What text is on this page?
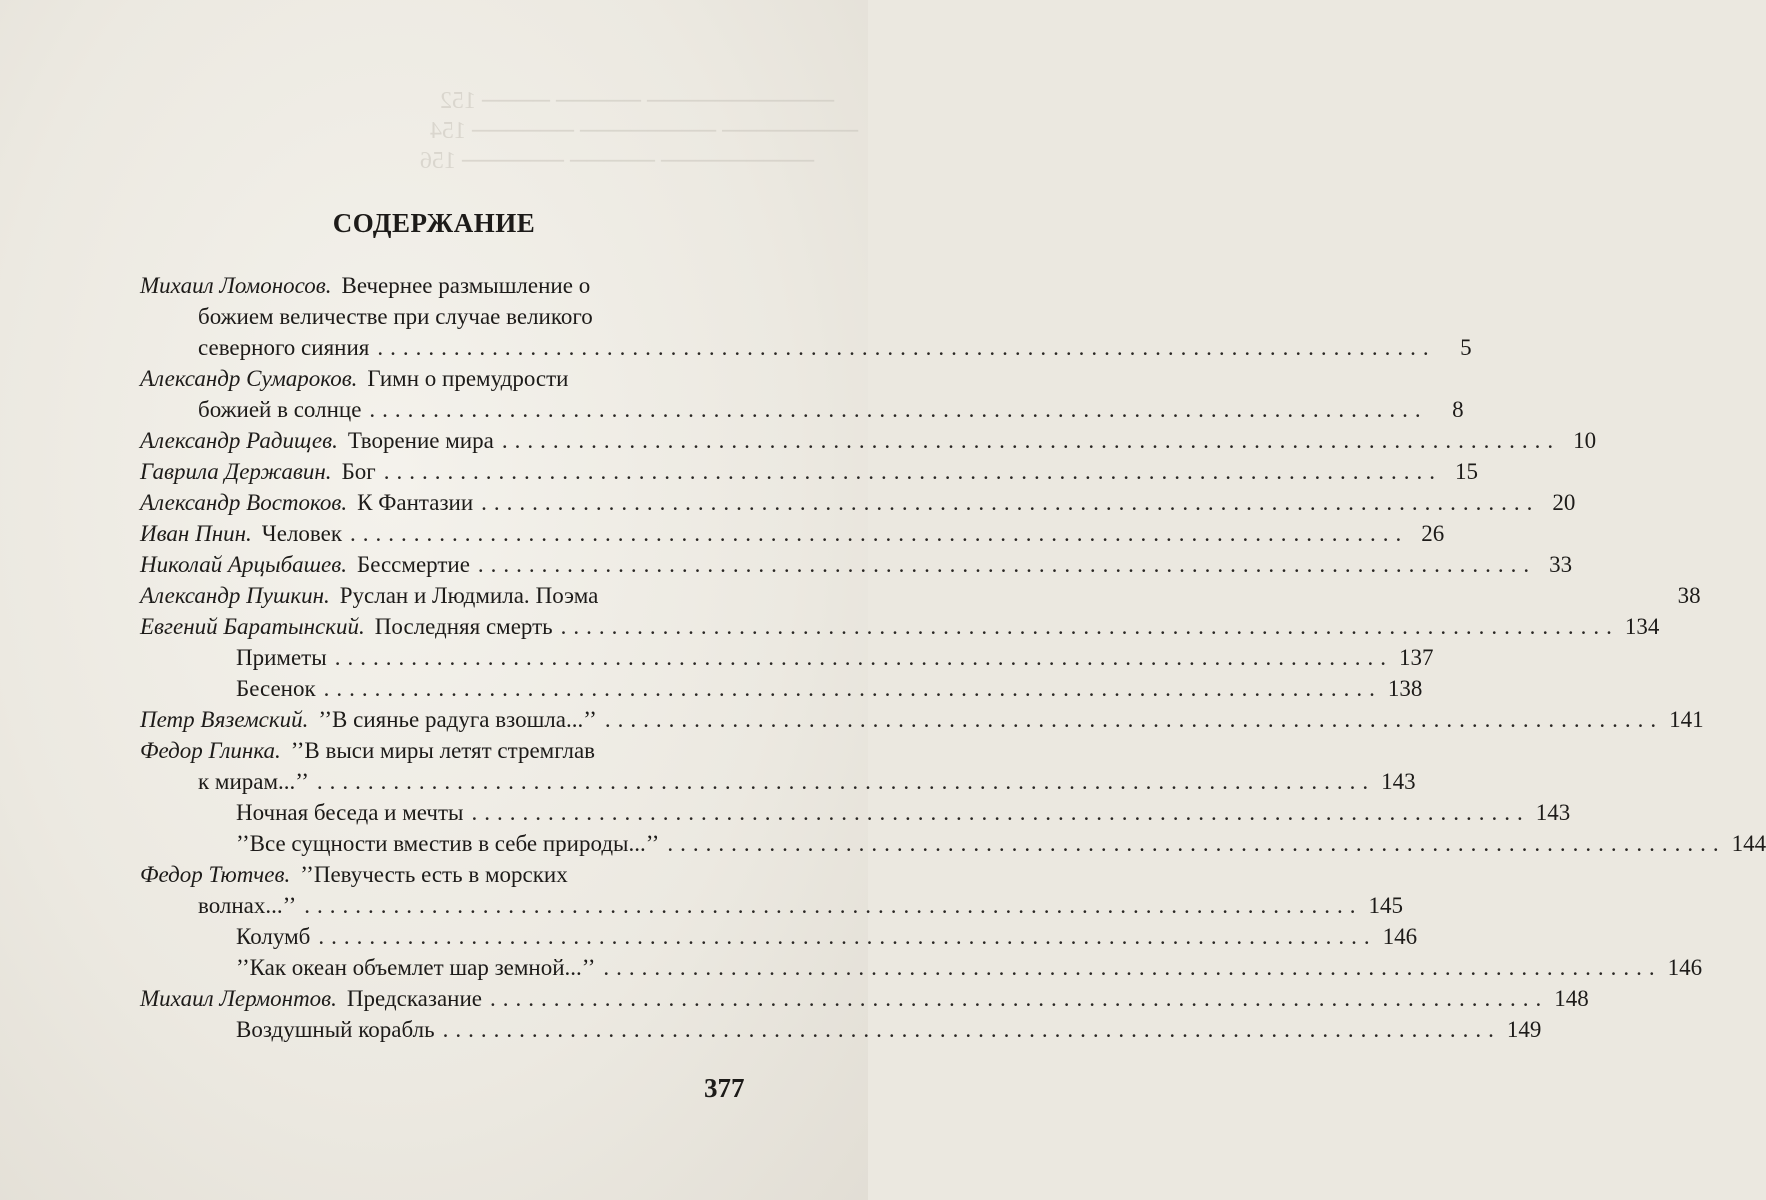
─────────── ───── ──── 152
──────── ──────── ────── 154
───────── ───── ────── 156
СОДЕРЖАНИЕ
Михаил Ломоносов. Вечернее размышление о
божием величестве при случае великого
северного сияния ...................................................................................	5
Александр Сумароков. Гимн о премудрости
божией в солнце ...................................................................................	8
Александр Радищев. Творение мира ................................................................................... 10
Гаврила Державин. Бог ................................................................................... 15
Александр Востоков. К Фантазии ................................................................................... 20
Иван Пнин. Человек ................................................................................... 26
Николай Арцыбашев. Бессмертие ................................................................................... 33
Александр Пушкин. Руслан и Людмила. Поэма	38
Евгений Баратынский. Последняя смерть ................................................................................... 134
Приметы ................................................................................... 137
Бесенок ................................................................................... 138
Петр Вяземский. ’’В сиянье радуга взошла...’’ ................................................................................... 141
Федор Глинка. ’’В выси миры летят стремглав
к мирам...’’ ................................................................................... 143
Ночная беседа и мечты ................................................................................... 143
’’Все сущности вместив в себе природы...’’ ................................................................................... 144
Федор Тютчев. ’’Певучесть есть в морских
волнах...’’ ................................................................................... 145
Колумб ................................................................................... 146
’’Как океан объемлет шар земной...’’ ................................................................................... 146
Михаил Лермонтов. Предсказание ................................................................................... 148
Воздушный корабль ................................................................................... 149
377
